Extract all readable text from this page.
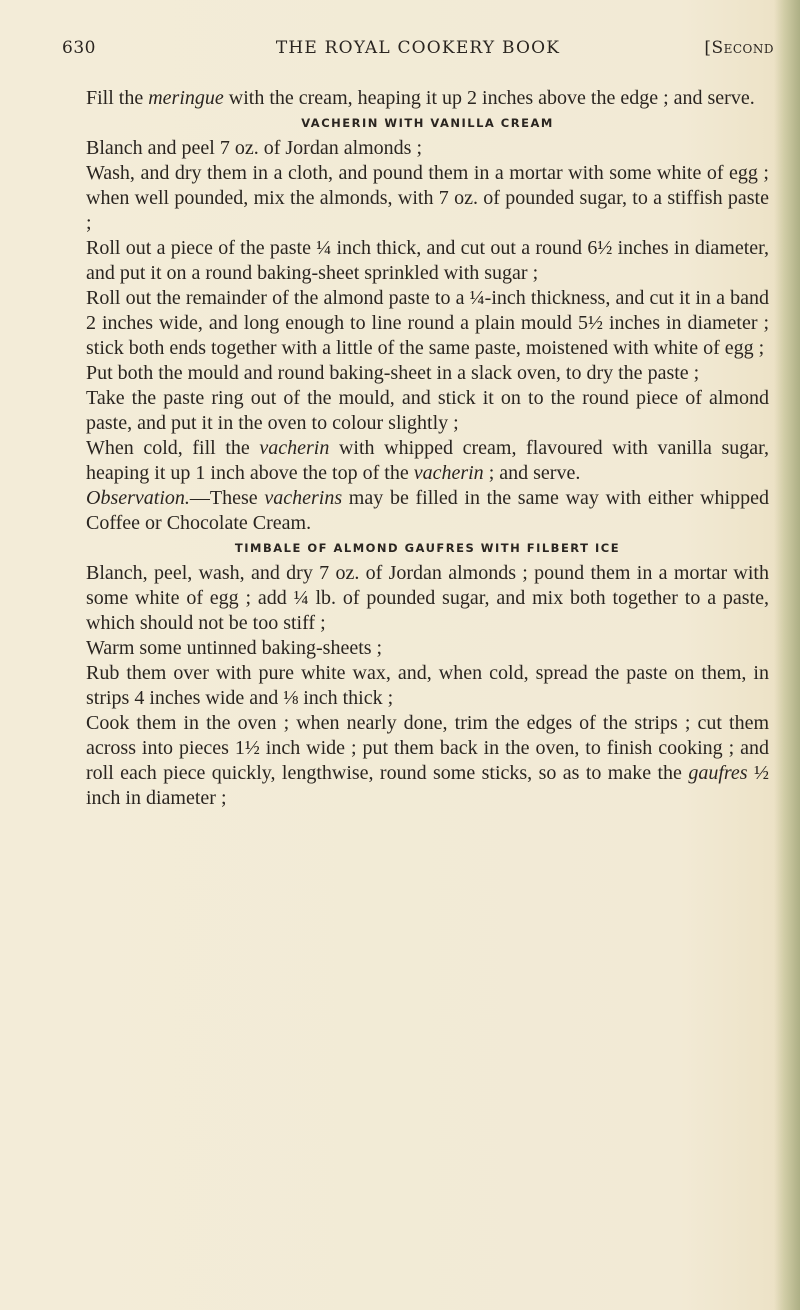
630	THE ROYAL COOKERY BOOK	[Second

Fill the meringue with the cream, heaping it up 2 inches above the edge ; and serve.

VACHERIN WITH VANILLA CREAM

Blanch and peel 7 oz. of Jordan almonds ;

Wash, and dry them in a cloth, and pound them in a mortar with some white of egg ; when well pounded, mix the almonds, with 7 oz. of pounded sugar, to a stiffish paste ;

Roll out a piece of the paste ¼ inch thick, and cut out a round 6½ inches in diameter, and put it on a round baking-sheet sprinkled with sugar ;

Roll out the remainder of the almond paste to a ¼-inch thickness, and cut it in a band 2 inches wide, and long enough to line round a plain mould 5½ inches in diameter ; stick both ends together with a little of the same paste, moistened with white of egg ;

Put both the mould and round baking-sheet in a slack oven, to dry the paste ;

Take the paste ring out of the mould, and stick it on to the round piece of almond paste, and put it in the oven to colour slightly ;

When cold, fill the vacherin with whipped cream, flavoured with vanilla sugar, heaping it up 1 inch above the top of the vacherin ; and serve.

Observation.—These vacherins may be filled in the same way with either whipped Coffee or Chocolate Cream.

TIMBALE OF ALMOND GAUFRES WITH FILBERT ICE

Blanch, peel, wash, and dry 7 oz. of Jordan almonds ; pound them in a mortar with some white of egg ; add ¼ lb. of pounded sugar, and mix both together to a paste, which should not be too stiff ;

Warm some untinned baking-sheets ;

Rub them over with pure white wax, and, when cold, spread the paste on them, in strips 4 inches wide and ⅛ inch thick ;

Cook them in the oven ; when nearly done, trim the edges of the strips ; cut them across into pieces 1½ inch wide ; put them back in the oven, to finish cooking ; and roll each piece quickly, lengthwise, round some sticks, so as to make the gaufres ½ inch in diameter ;
